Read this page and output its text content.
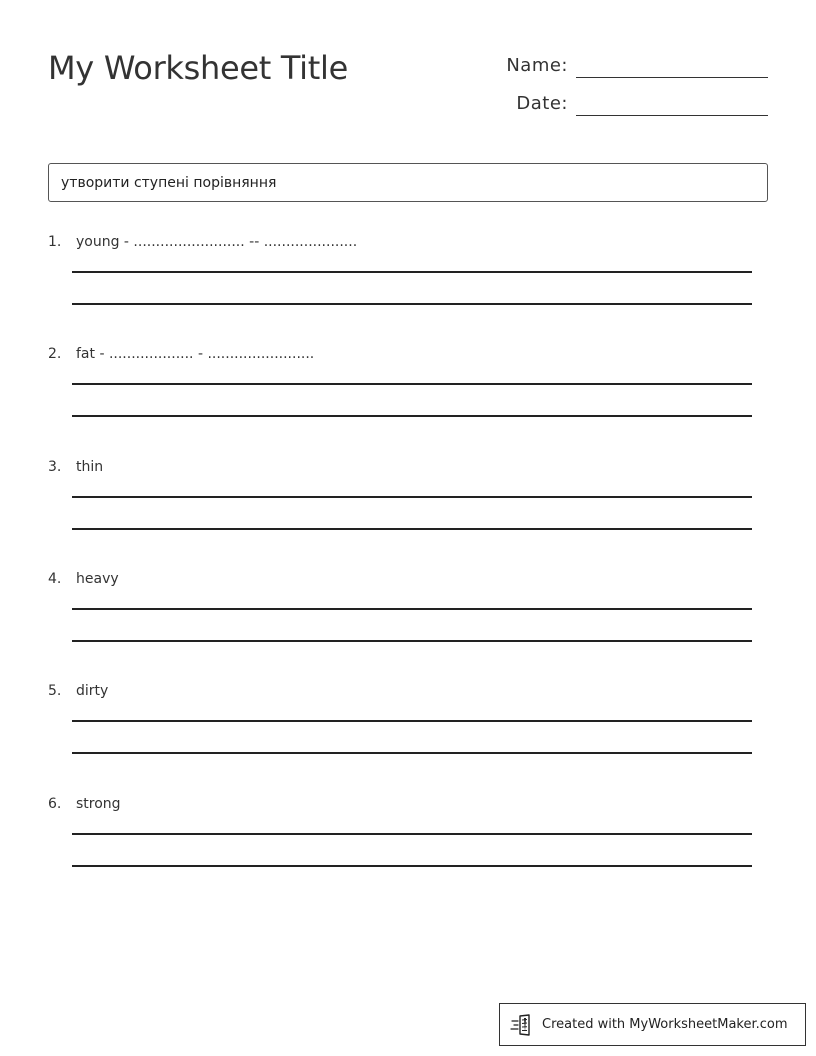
My Worksheet Title	Name:
Date:
утворити ступені порівняння
1.	young - ......................... -- .....................
2.	fat - ................... - ........................
3.	thin
4.	heavy
5.	dirty
6.	strong
Created with MyWorksheetMaker.com
